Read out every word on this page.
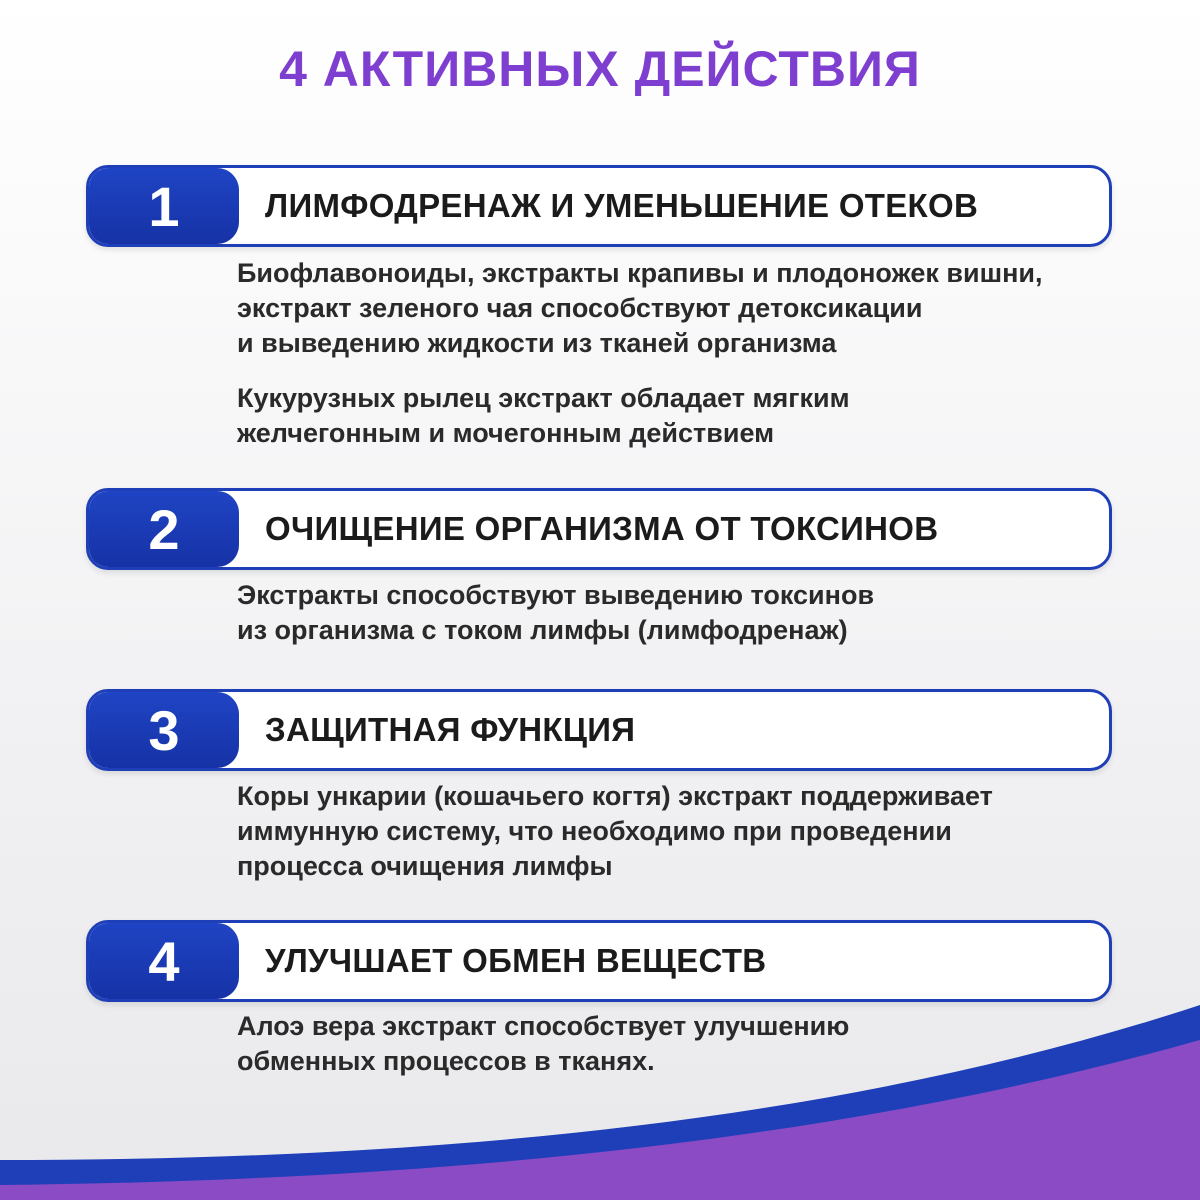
4 АКТИВНЫХ ДЕЙСТВИЯ
1	ЛИМФОДРЕНАЖ И УМЕНЬШЕНИЕ ОТЕКОВ

Биофлавоноиды, экстракты крапивы и плодоножек вишни,
экстракт зеленого чая способствуют детоксикации
и выведению жидкости из тканей организма

Кукурузных рылец экстракт обладает мягким
желчегонным и мочегонным действием

2	ОЧИЩЕНИЕ ОРГАНИЗМА ОТ ТОКСИНОВ

Экстракты способствуют выведению токсинов
из организма с током лимфы (лимфодренаж)

3	ЗАЩИТНАЯ ФУНКЦИЯ

Коры ункарии (кошачьего когтя) экстракт поддерживает
иммунную систему, что необходимо при проведении
процесса очищения лимфы

4	УЛУЧШАЕТ ОБМЕН ВЕЩЕСТВ

Алоэ вера экстракт способствует улучшению
обменных процессов в тканях.
